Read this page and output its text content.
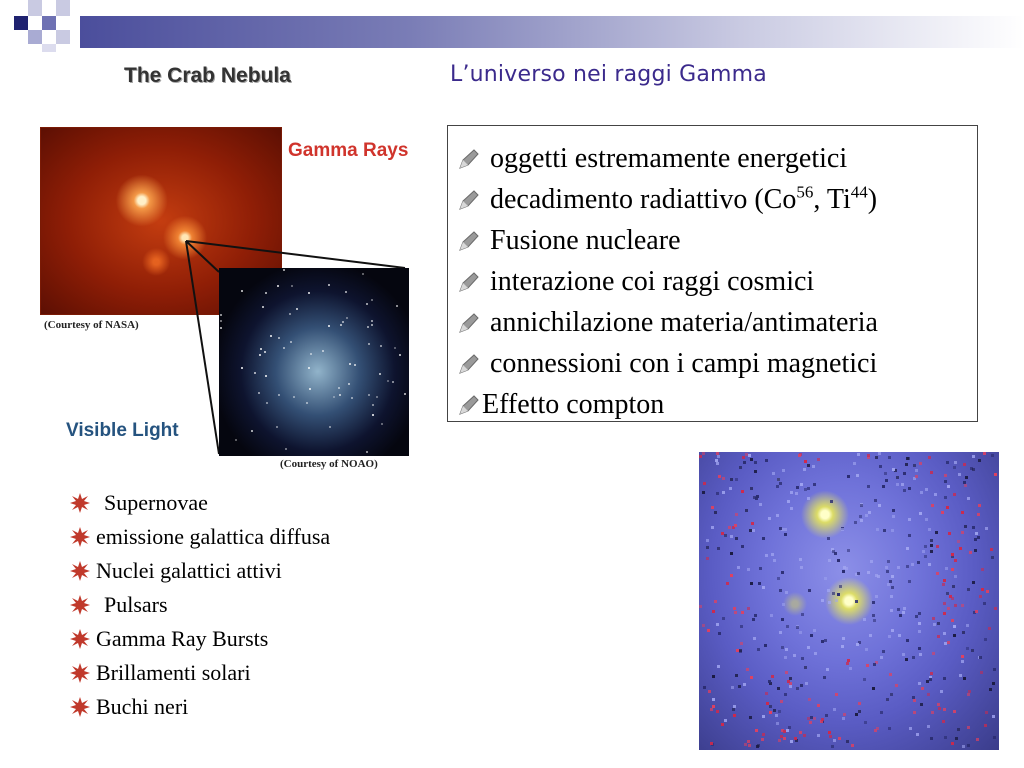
L’universo nei raggi Gamma
The Crab Nebula
Gamma Rays
(Courtesy of NASA)
Visible Light
(Courtesy of NOAO)
oggetti estremamente energetici
decadimento radiattivo (Co$^{56}$, Ti$^{44}$)
Fusione nucleare
interazione coi raggi cosmici
annichilazione materia/antimateria
connessioni con i campi magnetici
Effetto compton
Supernovae
emissione galattica diffusa
Nuclei galattici attivi
Pulsars
Gamma Ray Bursts
Brillamenti solari
Buchi neri
